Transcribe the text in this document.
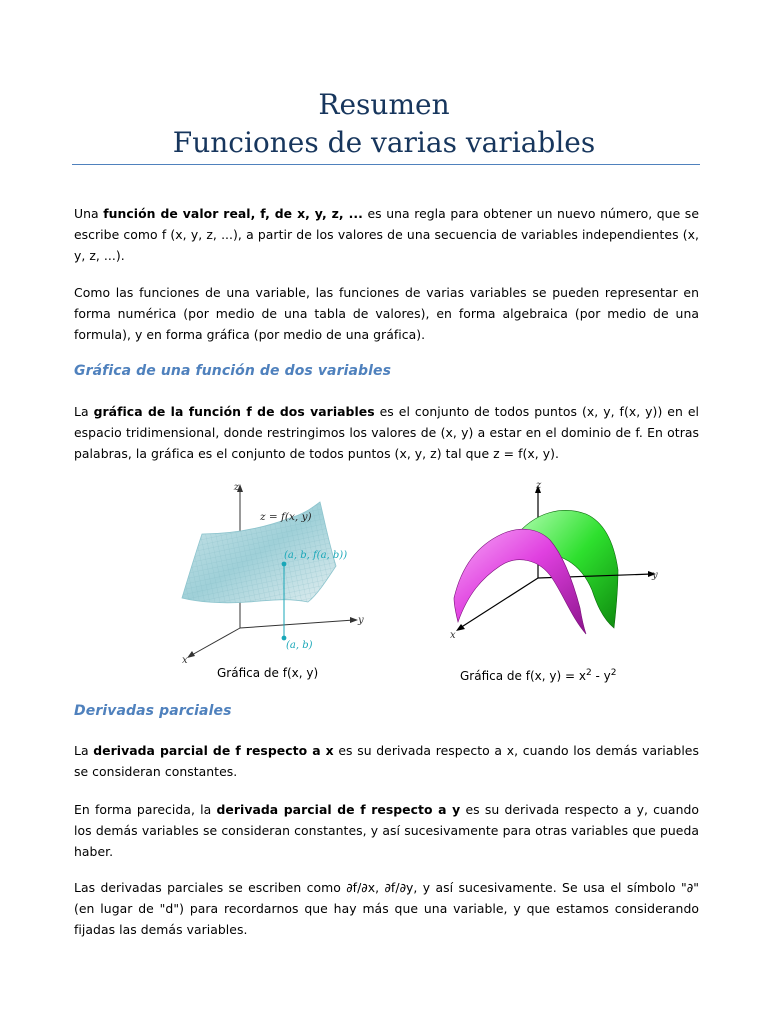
Resumen
Funciones de varias variables
Una función de valor real, f, de x, y, z, ... es una regla para obtener un nuevo número, que se escribe como f (x, y, z, ...), a partir de los valores de una secuencia de variables independientes (x, y, z, ...).
Como las funciones de una variable, las funciones de varias variables se pueden representar en forma numérica (por medio de una tabla de valores), en forma algebraica (por medio de una formula), y en forma gráfica (por medio de una gráfica).
Gráfica de una función de dos variables
La gráfica de la función f de dos variables es el conjunto de todos puntos (x, y, f(x, y)) en el espacio tridimensional, donde restringimos los valores de (x, y) a estar en el dominio de f. En otras palabras, la gráfica es el conjunto de todos puntos (x, y, z) tal que z = f(x, y).
z
y
x
z = f(x, y)
(a, b, f(a, b))
(a, b)
Gráfica de f(x, y)
z
y
x
Gráfica de f(x, $y) = x^2 - y^2$
Derivadas parciales
La derivada parcial de f respecto a x es su derivada respecto a x, cuando los demás variables se consideran constantes.
En forma parecida, la derivada parcial de f respecto a y es su derivada respecto a y, cuando los demás variables se consideran constantes, y así sucesivamente para otras variables que pueda haber.
Las derivadas parciales se escriben como ∂f/∂x, ∂f/∂y, y así sucesivamente. Se usa el símbolo "∂" (en lugar de "d") para recordarnos que hay más que una variable, y que estamos considerando fijadas las demás variables.
